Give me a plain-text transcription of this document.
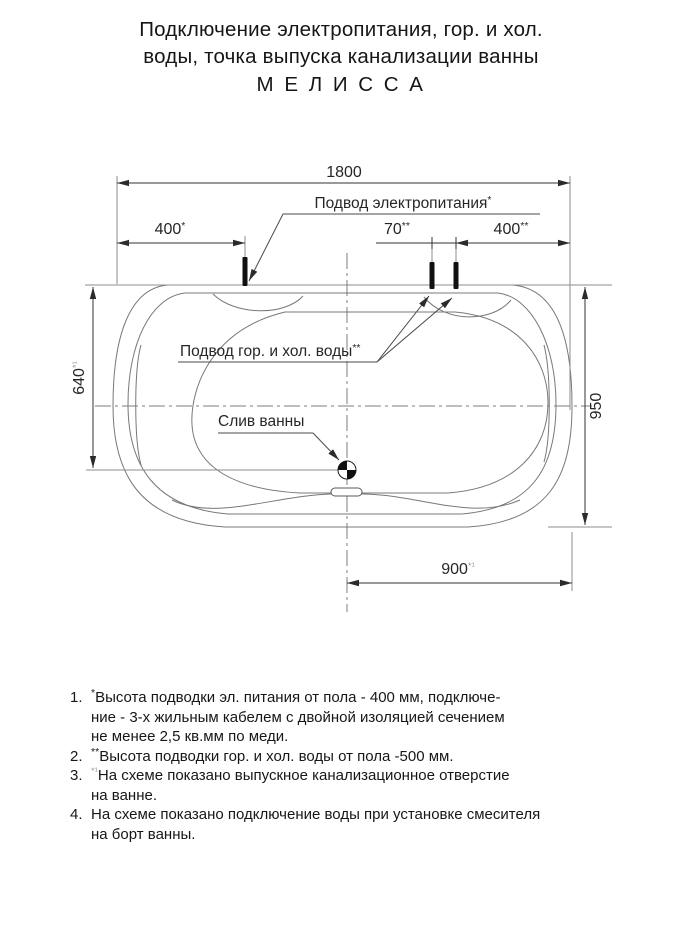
Подключение электропитания, гор. и хол.
воды, точка выпуска канализации ванны
М Е Л И С С А
1800
400*	70**	400**
$640^{*^1}$
950
$900^{*^1}$
Подвод электропитания*
Подвод гор. и хол. воды**
Слив ванны
1. *Высота подводки эл. питания от пола - 400 мм, подключе-
ние - 3-х жильным кабелем с двойной изоляцией сечением
не менее 2,5 кв.мм по меди.
2. **Высота подводки гор. и хол. воды от пола -500 мм.
3. $^{*^1}$На схеме показано выпускное канализационное отверстие
на ванне.
4. На схеме показано подключение воды при установке смесителя
на борт ванны.
